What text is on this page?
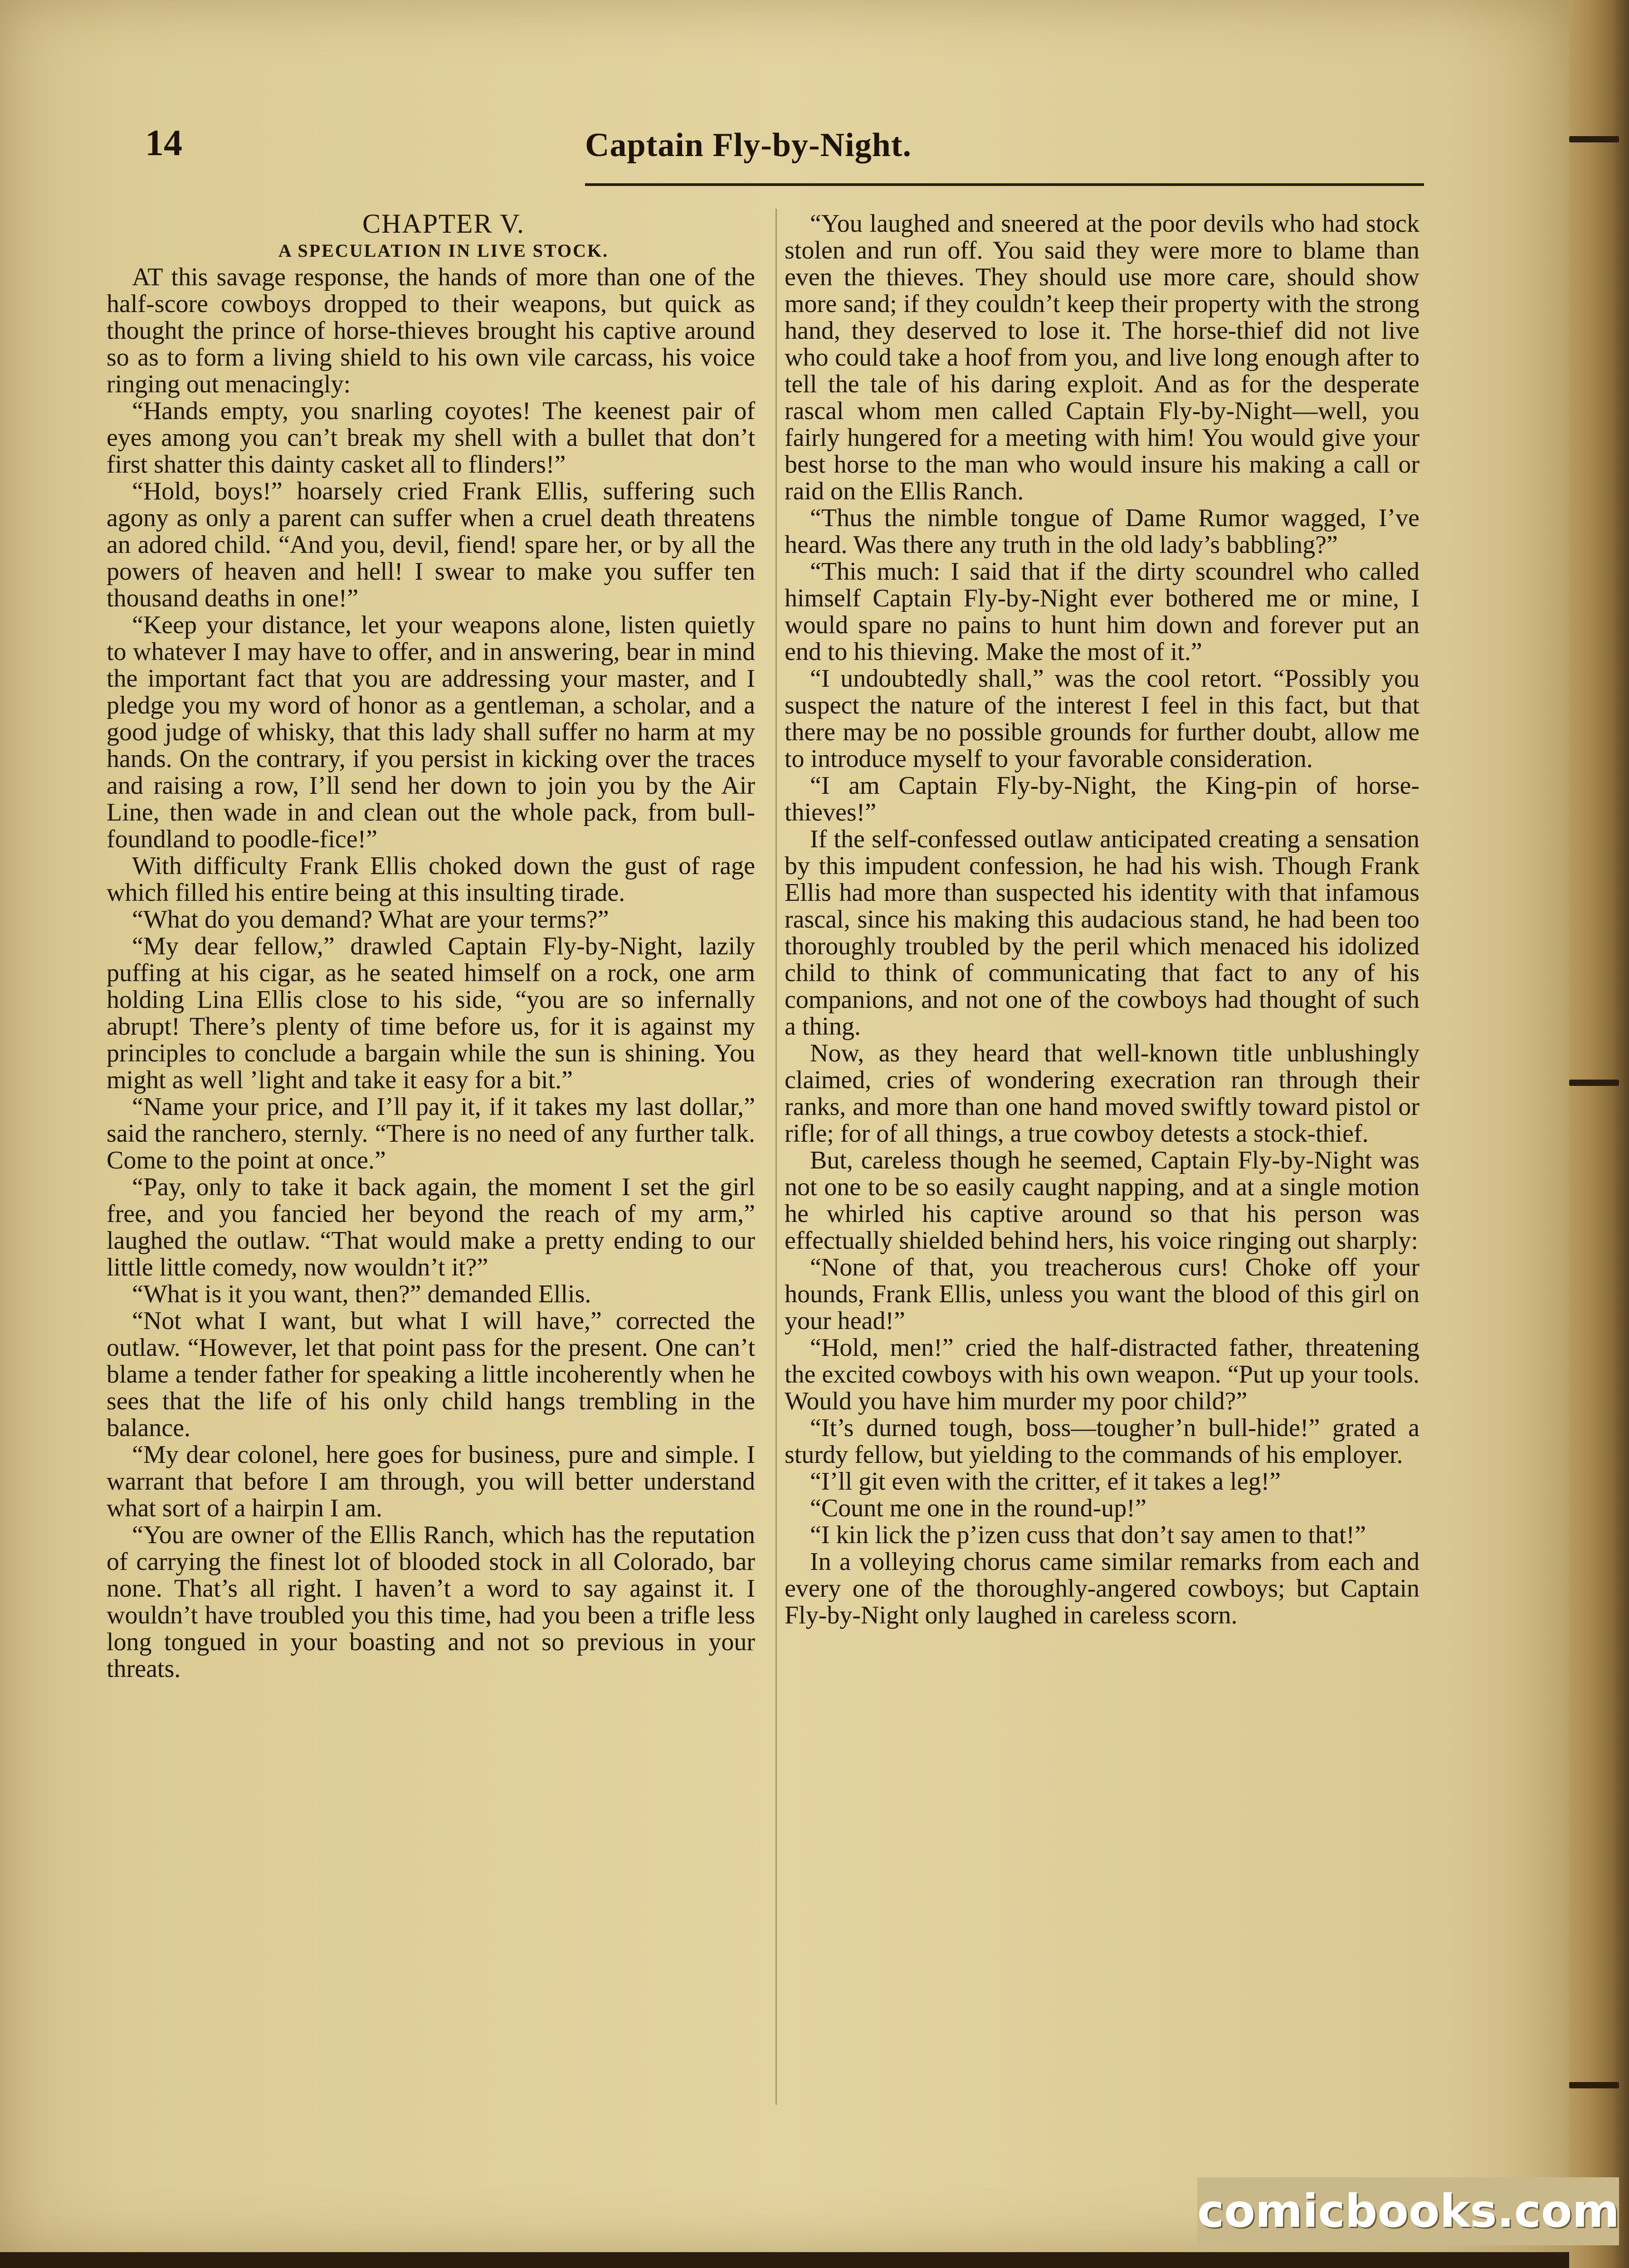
14	Captain Fly-by-Night.

CHAPTER V.

A SPECULATION IN LIVE STOCK.

AT this savage response, the hands of more than one of the half-score cowboys dropped to their weapons, but quick as thought the prince of horse-thieves brought his captive around so as to form a living shield to his own vile carcass, his voice ringing out menacingly:

“Hands empty, you snarling coyotes! The keenest pair of eyes among you can’t break my shell with a bullet that don’t first shatter this dainty casket all to flinders!”

“Hold, boys!” hoarsely cried Frank Ellis, suffering such agony as only a parent can suffer when a cruel death threatens an adored child. “And you, devil, fiend! spare her, or by all the powers of heaven and hell! I swear to make you suffer ten thousand deaths in one!”

“Keep your distance, let your weapons alone, listen quietly to whatever I may have to offer, and in answering, bear in mind the important fact that you are addressing your master, and I pledge you my word of honor as a gentleman, a scholar, and a good judge of whisky, that this lady shall suffer no harm at my hands. On the contrary, if you persist in kicking over the traces and raising a row, I’ll send her down to join you by the Air Line, then wade in and clean out the whole pack, from bull-foundland to poodle-fice!”

With difficulty Frank Ellis choked down the gust of rage which filled his entire being at this insulting tirade.

“What do you demand? What are your terms?”

“My dear fellow,” drawled Captain Fly-by-Night, lazily puffing at his cigar, as he seated himself on a rock, one arm holding Lina Ellis close to his side, “you are so infernally abrupt! There’s plenty of time before us, for it is against my principles to conclude a bargain while the sun is shining. You might as well ’light and take it easy for a bit.”

“Name your price, and I’ll pay it, if it takes my last dollar,” said the ranchero, sternly. “There is no need of any further talk. Come to the point at once.”

“Pay, only to take it back again, the moment I set the girl free, and you fancied her beyond the reach of my arm,” laughed the outlaw. “That would make a pretty ending to our little little comedy, now wouldn’t it?”

“What is it you want, then?” demanded Ellis.

“Not what I want, but what I will have,” corrected the outlaw. “However, let that point pass for the present. One can’t blame a tender father for speaking a little incoherently when he sees that the life of his only child hangs trembling in the balance.

“My dear colonel, here goes for business, pure and simple. I warrant that before I am through, you will better understand what sort of a hairpin I am.

“You are owner of the Ellis Ranch, which has the reputation of carrying the finest lot of blooded stock in all Colorado, bar none. That’s all right. I haven’t a word to say against it. I wouldn’t have troubled you this time, had you been a trifle less long tongued in your boasting and not so previous in your threats.

“You laughed and sneered at the poor devils who had stock stolen and run off. You said they were more to blame than even the thieves. They should use more care, should show more sand; if they couldn’t keep their property with the strong hand, they deserved to lose it. The horse-thief did not live who could take a hoof from you, and live long enough after to tell the tale of his daring exploit. And as for the desperate rascal whom men called Captain Fly-by-Night—well, you fairly hungered for a meeting with him! You would give your best horse to the man who would insure his making a call or raid on the Ellis Ranch.

“Thus the nimble tongue of Dame Rumor wagged, I’ve heard. Was there any truth in the old lady’s babbling?”

“This much: I said that if the dirty scoundrel who called himself Captain Fly-by-Night ever bothered me or mine, I would spare no pains to hunt him down and forever put an end to his thieving. Make the most of it.”

“I undoubtedly shall,” was the cool retort. “Possibly you suspect the nature of the interest I feel in this fact, but that there may be no possible grounds for further doubt, allow me to introduce myself to your favorable consideration.

“I am Captain Fly-by-Night, the King-pin of horse-thieves!”

If the self-confessed outlaw anticipated creating a sensation by this impudent confession, he had his wish. Though Frank Ellis had more than suspected his identity with that infamous rascal, since his making this audacious stand, he had been too thoroughly troubled by the peril which menaced his idolized child to think of communicating that fact to any of his companions, and not one of the cowboys had thought of such a thing.

Now, as they heard that well-known title unblushingly claimed, cries of wondering execration ran through their ranks, and more than one hand moved swiftly toward pistol or rifle; for of all things, a true cowboy detests a stock-thief.

But, careless though he seemed, Captain Fly-by-Night was not one to be so easily caught napping, and at a single motion he whirled his captive around so that his person was effectually shielded behind hers, his voice ringing out sharply:

“None of that, you treacherous curs! Choke off your hounds, Frank Ellis, unless you want the blood of this girl on your head!”

“Hold, men!” cried the half-distracted father, threatening the excited cowboys with his own weapon. “Put up your tools. Would you have him murder my poor child?”

“It’s durned tough, boss—tougher’n bull-hide!” grated a sturdy fellow, but yielding to the commands of his employer.

“I’ll git even with the critter, ef it takes a leg!”

“Count me one in the round-up!”

“I kin lick the p’izen cuss that don’t say amen to that!”

In a volleying chorus came similar remarks from each and every one of the thoroughly-angered cowboys; but Captain Fly-by-Night only laughed in careless scorn.

comicbooks.com
